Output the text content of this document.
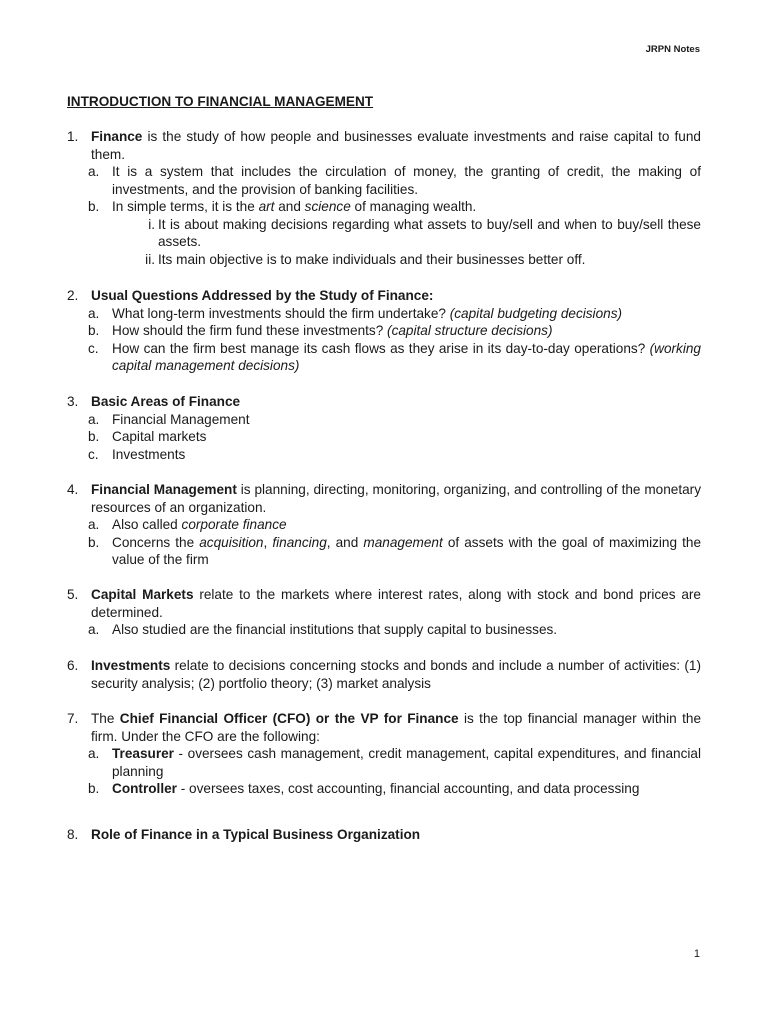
JRPN Notes
INTRODUCTION TO FINANCIAL MANAGEMENT
1. Finance is the study of how people and businesses evaluate investments and raise capital to fund them.
a. It is a system that includes the circulation of money, the granting of credit, the making of investments, and the provision of banking facilities.
b. In simple terms, it is the art and science of managing wealth.
i. It is about making decisions regarding what assets to buy/sell and when to buy/sell these assets.
ii. Its main objective is to make individuals and their businesses better off.
2. Usual Questions Addressed by the Study of Finance:
a. What long-term investments should the firm undertake? (capital budgeting decisions)
b. How should the firm fund these investments? (capital structure decisions)
c. How can the firm best manage its cash flows as they arise in its day-to-day operations? (working capital management decisions)
3. Basic Areas of Finance
a. Financial Management
b. Capital markets
c. Investments
4. Financial Management is planning, directing, monitoring, organizing, and controlling of the monetary resources of an organization.
a. Also called corporate finance
b. Concerns the acquisition, financing, and management of assets with the goal of maximizing the value of the firm
5. Capital Markets relate to the markets where interest rates, along with stock and bond prices are determined.
a. Also studied are the financial institutions that supply capital to businesses.
6. Investments relate to decisions concerning stocks and bonds and include a number of activities: (1) security analysis; (2) portfolio theory; (3) market analysis
7. The Chief Financial Officer (CFO) or the VP for Finance is the top financial manager within the firm. Under the CFO are the following:
a. Treasurer - oversees cash management, credit management, capital expenditures, and financial planning
b. Controller - oversees taxes, cost accounting, financial accounting, and data processing
8. Role of Finance in a Typical Business Organization
1
